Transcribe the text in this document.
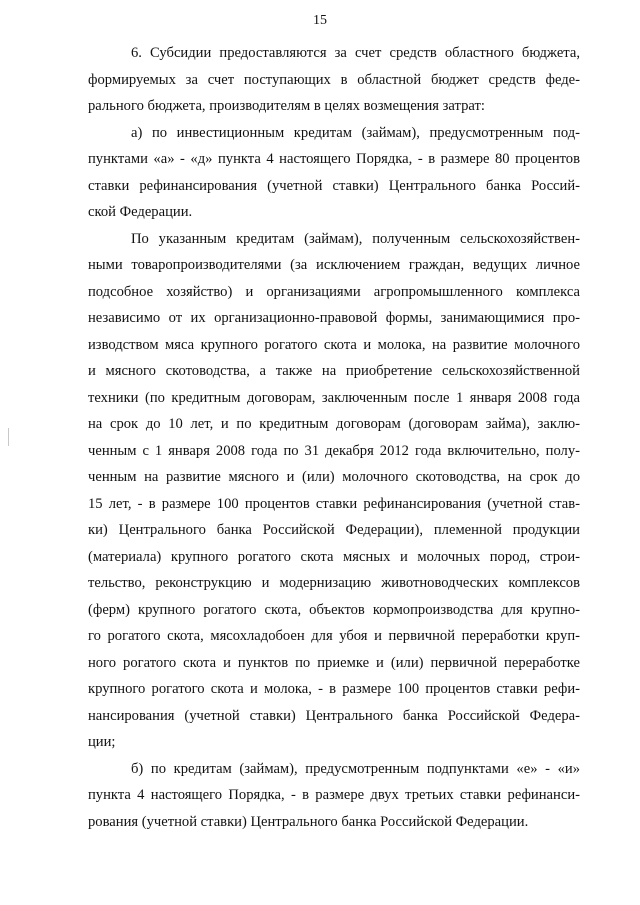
15
6. Субсидии предоставляются за счет средств областного бюджета,
формируемых за счет поступающих в областной бюджет средств феде-
рального бюджета, производителям в целях возмещения затрат:
а) по инвестиционным кредитам (займам), предусмотренным под-
пунктами «а» - «д» пункта 4 настоящего Порядка, - в размере 80 процентов
ставки рефинансирования (учетной ставки) Центрального банка Россий-
ской Федерации.
По указанным кредитам (займам), полученным сельскохозяйствен-
ными товаропроизводителями (за исключением граждан, ведущих личное
подсобное хозяйство) и организациями агропромышленного комплекса
независимо от их организационно-правовой формы, занимающимися про-
изводством мяса крупного рогатого скота и молока, на развитие молочного
и мясного скотоводства, а также на приобретение сельскохозяйственной
техники (по кредитным договорам, заключенным после 1 января 2008 года
на срок до 10 лет, и по кредитным договорам (договорам займа), заклю-
ченным с 1 января 2008 года по 31 декабря 2012 года включительно, полу-
ченным на развитие мясного и (или) молочного скотоводства, на срок до
15 лет, - в размере 100 процентов ставки рефинансирования (учетной став-
ки) Центрального банка Российской Федерации), племенной продукции
(материала) крупного рогатого скота мясных и молочных пород, строи-
тельство, реконструкцию и модернизацию животноводческих комплексов
(ферм) крупного рогатого скота, объектов кормопроизводства для крупно-
го рогатого скота, мясохладобоен для убоя и первичной переработки круп-
ного рогатого скота и пунктов по приемке и (или) первичной переработке
крупного рогатого скота и молока, - в размере 100 процентов ставки рефи-
нансирования (учетной ставки) Центрального банка Российской Федера-
ции;
б) по кредитам (займам), предусмотренным подпунктами «е» - «и»
пункта 4 настоящего Порядка, - в размере двух третьих ставки рефинанси-
рования (учетной ставки) Центрального банка Российской Федерации.
